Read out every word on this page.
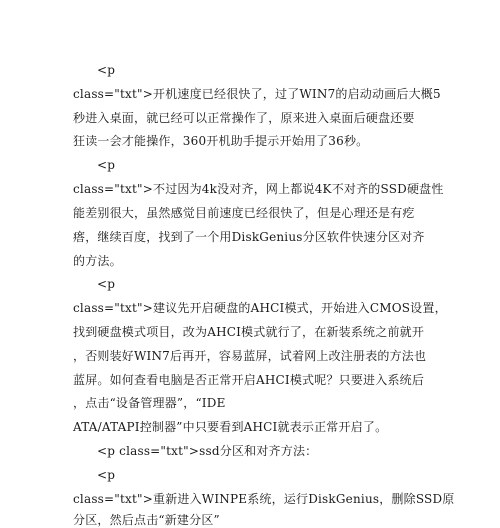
<p
class="txt">开机速度已经很快了，过了WIN7的启动动画后大概5
秒进入桌面，就已经可以正常操作了，原来进入桌面后硬盘还要
狂读一会才能操作，360开机助手提示开始用了36秒。
<p
class="txt">不过因为4k没对齐，网上都说4K不对齐的SSD硬盘性
能差别很大，虽然感觉目前速度已经很快了，但是心理还是有疙
瘩，继续百度，找到了一个用DiskGenius分区软件快速分区对齐
的方法。
<p
class="txt">建议先开启硬盘的AHCI模式，开始进入CMOS设置，
找到硬盘模式项目，改为AHCI模式就行了，在新装系统之前就开
，否则装好WIN7后再开，容易蓝屏，试着网上改注册表的方法也
蓝屏。如何查看电脑是否正常开启AHCI模式呢？只要进入系统后
，点击“设备管理器”，“IDE
ATA/ATAPI控制器”中只要看到AHCI就表示正常开启了。
<p class="txt">ssd分区和对齐方法：
<p
class="txt">重新进入WINPE系统，运行DiskGenius，删除SSD原
分区，然后点击“新建分区”
